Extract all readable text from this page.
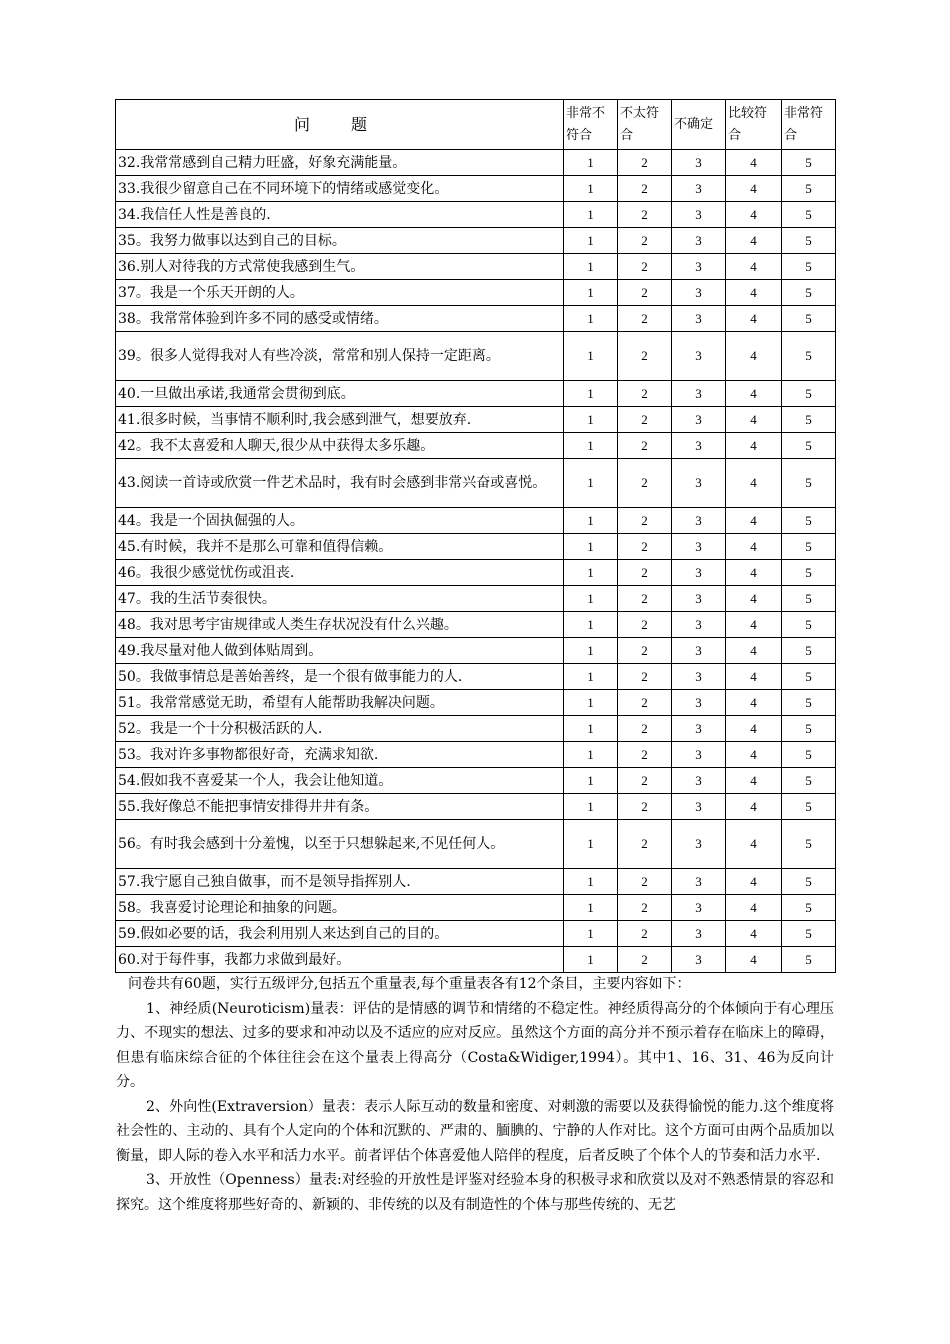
问 题	非常不符合	不太符合	不确定	比较符合	非常符合
32.我常常感到自己精力旺盛，好象充满能量。	1	2	3	4	5
33.我很少留意自己在不同环境下的情绪或感觉变化。	1	2	3	4	5
34.我信任人性是善良的.	1	2	3	4	5
35。我努力做事以达到自己的目标。	1	2	3	4	5
36.别人对待我的方式常使我感到生气。	1	2	3	4	5
37。我是一个乐天开朗的人。	1	2	3	4	5
38。我常常体验到许多不同的感受或情绪。	1	2	3	4	5
39。很多人觉得我对人有些冷淡，常常和别人保持一定距离。	1	2	3	4	5
40.一旦做出承诺,我通常会贯彻到底。	1	2	3	4	5
41.很多时候，当事情不顺利时,我会感到泄气，想要放弃.	1	2	3	4	5
42。我不太喜爱和人聊天,很少从中获得太多乐趣。	1	2	3	4	5
43.阅读一首诗或欣赏一件艺术品时，我有时会感到非常兴奋或喜悦。	1	2	3	4	5
44。我是一个固执倔强的人。	1	2	3	4	5
45.有时候，我并不是那么可靠和值得信赖。	1	2	3	4	5
46。我很少感觉忧伤或沮丧.	1	2	3	4	5
47。我的生活节奏很快。	1	2	3	4	5
48。我对思考宇宙规律或人类生存状况没有什么兴趣。	1	2	3	4	5
49.我尽量对他人做到体贴周到。	1	2	3	4	5
50。我做事情总是善始善终，是一个很有做事能力的人.	1	2	3	4	5
51。我常常感觉无助，希望有人能帮助我解决问题。	1	2	3	4	5
52。我是一个十分积极活跃的人.	1	2	3	4	5
53。我对许多事物都很好奇，充满求知欲.	1	2	3	4	5
54.假如我不喜爱某一个人，我会让他知道。	1	2	3	4	5
55.我好像总不能把事情安排得井井有条。	1	2	3	4	5
56。有时我会感到十分羞愧，以至于只想躲起来,不见任何人。	1	2	3	4	5
57.我宁愿自己独自做事，而不是领导指挥别人.	1	2	3	4	5
58。我喜爱讨论理论和抽象的问题。	1	2	3	4	5
59.假如必要的话，我会利用别人来达到自己的目的。	1	2	3	4	5
60.对于每件事，我都力求做到最好。	1	2	3	4	5

问卷共有60题，实行五级评分,包括五个重量表,每个重量表各有12个条目，主要内容如下：

1、神经质(Neuroticism)量表：评估的是情感的调节和情绪的不稳定性。神经质得高分的个体倾向于有心理压力、不现实的想法、过多的要求和冲动以及不适应的应对反应。虽然这个方面的高分并不预示着存在临床上的障碍，但患有临床综合征的个体往往会在这个量表上得高分（Costa&Widiger,1994）。其中1、16、31、46为反向计分。

2、外向性(Extraversion）量表：表示人际互动的数量和密度、对刺激的需要以及获得愉悦的能力.这个维度将社会性的、主动的、具有个人定向的个体和沉默的、严肃的、腼腆的、宁静的人作对比。这个方面可由两个品质加以衡量，即人际的卷入水平和活力水平。前者评估个体喜爱他人陪伴的程度，后者反映了个体个人的节奏和活力水平.

3、开放性（Openness）量表:对经验的开放性是评鉴对经验本身的积极寻求和欣赏以及对不熟悉情景的容忍和探究。这个维度将那些好奇的、新颖的、非传统的以及有制造性的个体与那些传统的、无艺
